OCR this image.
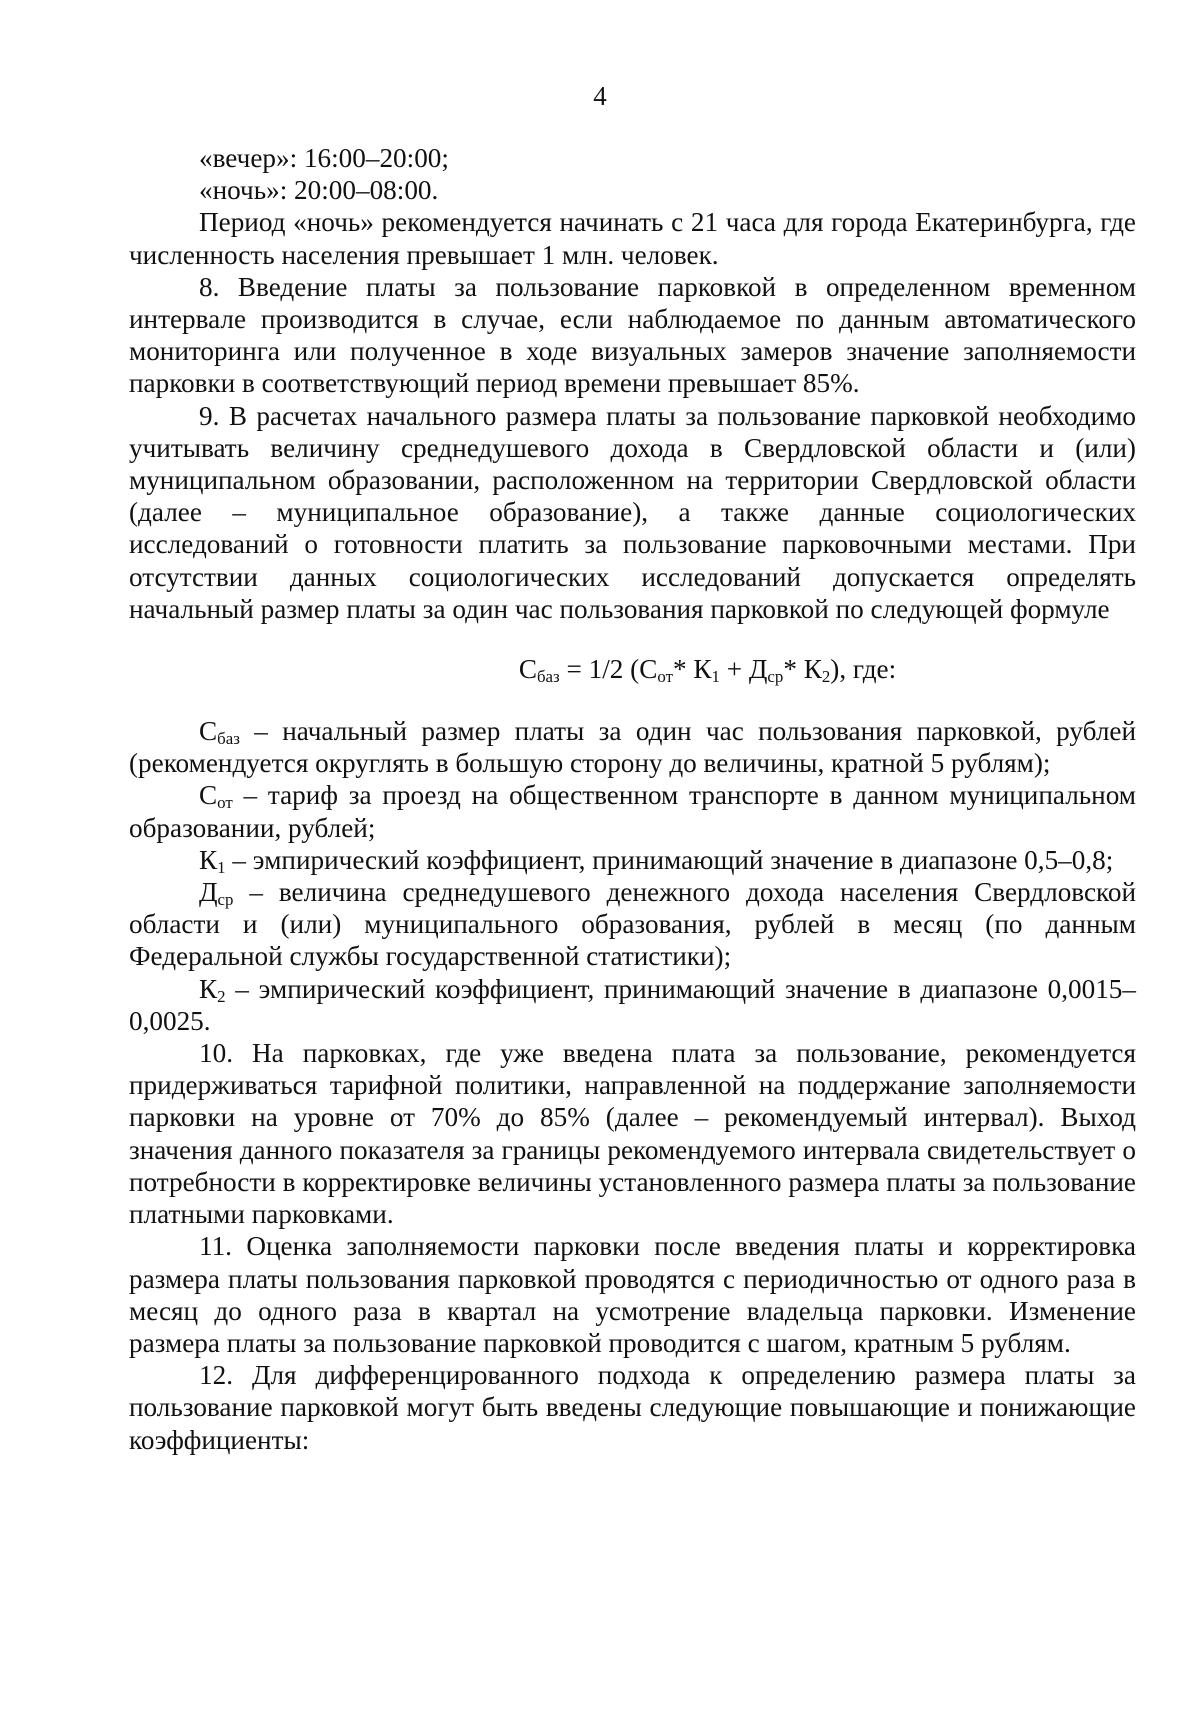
4

«вечер»: 16:00–20:00;

«ночь»: 20:00–08:00.

Период «ночь» рекомендуется начинать с 21 часа для города Екатеринбурга, где численность населения превышает 1 млн. человек.

8. Введение платы за пользование парковкой в определенном временном интервале производится в случае, если наблюдаемое по данным автоматического мониторинга или полученное в ходе визуальных замеров значение заполняемости парковки в соответствующий период времени превышает 85%.

9. В расчетах начального размера платы за пользование парковкой необходимо учитывать величину среднедушевого дохода в Свердловской области и (или) муниципальном образовании, расположенном на территории Свердловской области (далее – муниципальное образование), а также данные социологических исследований о готовности платить за пользование парковочными местами. При отсутствии данных социологических исследований допускается определять начальный размер платы за один час пользования парковкой по следующей формуле

$С_{баз} = 1/2$ ($С_{от}*$ $К_1 + Д_{ср}*$ $К_2$), где:

$С_{баз}$ – начальный размер платы за один час пользования парковкой, рублей (рекомендуется округлять в большую сторону до величины, кратной 5 рублям);

$С_{от}$ – тариф за проезд на общественном транспорте в данном муниципальном образовании, рублей;

$К_1$ – эмпирический коэффициент, принимающий значение в диапазоне 0,5–0,8;

$Д_{ср}$ – величина среднедушевого денежного дохода населения Свердловской области и (или) муниципального образования, рублей в месяц (по данным Федеральной службы государственной статистики);

$К_2$ – эмпирический коэффициент, принимающий значение в диапазоне 0,0015–0,0025.

10. На парковках, где уже введена плата за пользование, рекомендуется придерживаться тарифной политики, направленной на поддержание заполняемости парковки на уровне от 70% до 85% (далее – рекомендуемый интервал). Выход значения данного показателя за границы рекомендуемого интервала свидетельствует о потребности в корректировке величины установленного размера платы за пользование платными парковками.

11. Оценка заполняемости парковки после введения платы и корректировка размера платы пользования парковкой проводятся с периодичностью от одного раза в месяц до одного раза в квартал на усмотрение владельца парковки. Изменение размера платы за пользование парковкой проводится с шагом, кратным 5 рублям.

12. Для дифференцированного подхода к определению размера платы за пользование парковкой могут быть введены следующие повышающие и понижающие коэффициенты:
